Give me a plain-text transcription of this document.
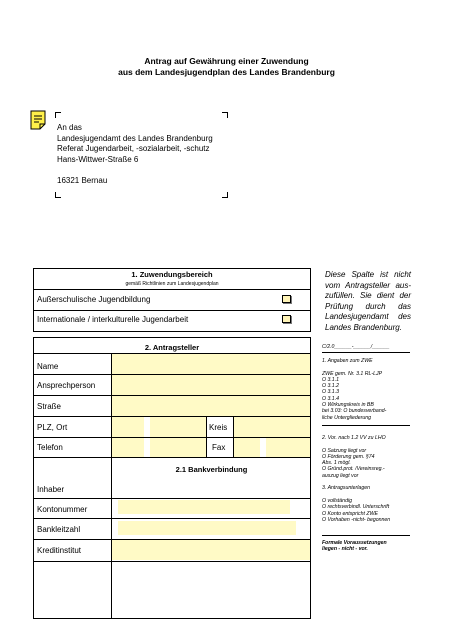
Antrag auf Gewährung einer Zuwendung
aus dem Landesjugendplan des Landes Brandenburg
An das
Landesjugendamt des Landes Brandenburg
Referat Jugendarbeit, -sozialarbeit, -schutz
Hans-Wittwer-Straße 6
16321 Bernau
1. Zuwendungsbereich
gemäß Richtlinien zum Landesjugendplan
Außerschulische Jugendbildung
Internationale / interkulturelle Jugendarbeit
Diese Spalte ist nicht vom Antragsteller aus-zufüllen. Sie dient der Prüfung durch das Landesjugendamt des Landes Brandenburg.
2. Antragsteller
Name
Ansprechperson
Straße
PLZ, Ort	Kreis
Telefon	Fax
2.1 Bankverbindung
Inhaber
Kontonummer
Bankleitzahl
Kreditinstitut
C/2.0______-______/______
1. Angaben zum ZWE
ZWE gem. Nr. 3.1 RL-LJP
O 3.1.1
O 3.1.2
O 3.1.3
O 3.1.4
O Wirkungskreis in BB
bei 3.03: O bundesverband-
liche Untergliederung
2. Vor. nach 1.2 VV zu LHO
O Satzung liegt vor
O Förderung gem. §74
Abs. 1 mögl.
O Gründ.prot. /Vereinsreg.-
auszug liegt vor
3. Antragsunterlagen
O vollständig
O rechtsverbindl. Unterschrift
O Konto entspricht ZWE
O Vorhaben -nicht- begonnen
Formale Voraussetzungen
liegen - nicht - vor.
